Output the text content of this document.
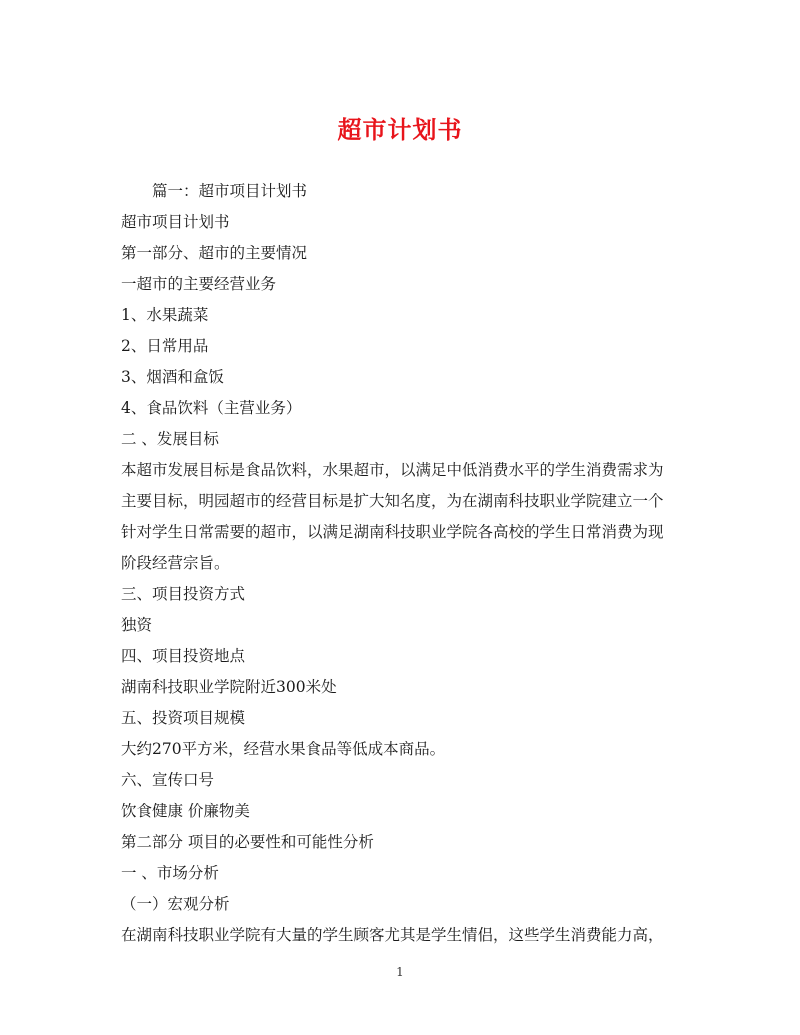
超市计划书
篇一：超市项目计划书
超市项目计划书
第一部分、超市的主要情况
一超市的主要经营业务
1、水果蔬菜
2、日常用品
3、烟酒和盒饭
4、食品饮料（主营业务）
二 、发展目标
本超市发展目标是食品饮料，水果超市，以满足中低消费水平的学生消费需求为
主要目标，明园超市的经营目标是扩大知名度，为在湖南科技职业学院建立一个
针对学生日常需要的超市，以满足湖南科技职业学院各高校的学生日常消费为现
阶段经营宗旨。
三、项目投资方式
独资
四、项目投资地点
湖南科技职业学院附近300米处
五、投资项目规模
大约270平方米，经营水果食品等低成本商品。
六、宣传口号
饮食健康 价廉物美
第二部分 项目的必要性和可能性分析
一 、市场分析
（一）宏观分析
在湖南科技职业学院有大量的学生顾客尤其是学生情侣，这些学生消费能力高，
1
